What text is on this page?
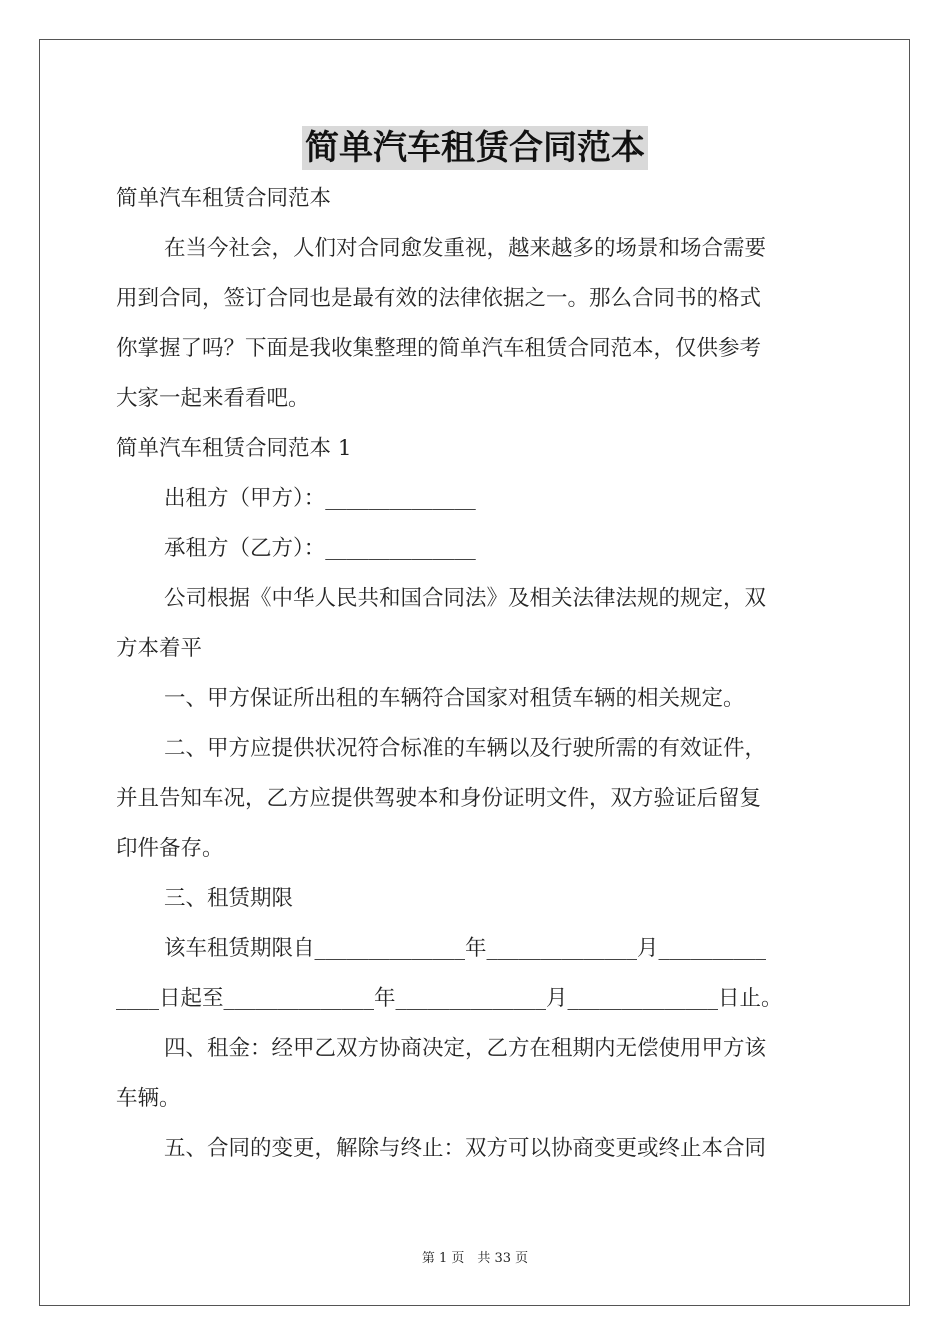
简单汽车租赁合同范本
简单汽车租赁合同范本
在当今社会，人们对合同愈发重视，越来越多的场景和场合需要
用到合同，签订合同也是最有效的法律依据之一。那么合同书的格式
你掌握了吗？下面是我收集整理的简单汽车租赁合同范本，仅供参考
大家一起来看看吧。
简单汽车租赁合同范本 1
出租方（甲方）：______________
承租方（乙方）：______________
公司根据《中华人民共和国合同法》及相关法律法规的规定，双
方本着平
一、甲方保证所出租的车辆符合国家对租赁车辆的相关规定。
二、甲方应提供状况符合标准的车辆以及行驶所需的有效证件，
并且告知车况，乙方应提供驾驶本和身份证明文件，双方验证后留复
印件备存。
三、租赁期限
该车租赁期限自______________年______________月__________
____日起至______________年______________月______________日止。
四、租金：经甲乙双方协商决定，乙方在租期内无偿使用甲方该
车辆。
五、合同的变更，解除与终止：双方可以协商变更或终止本合同
第 1 页　共 33 页
